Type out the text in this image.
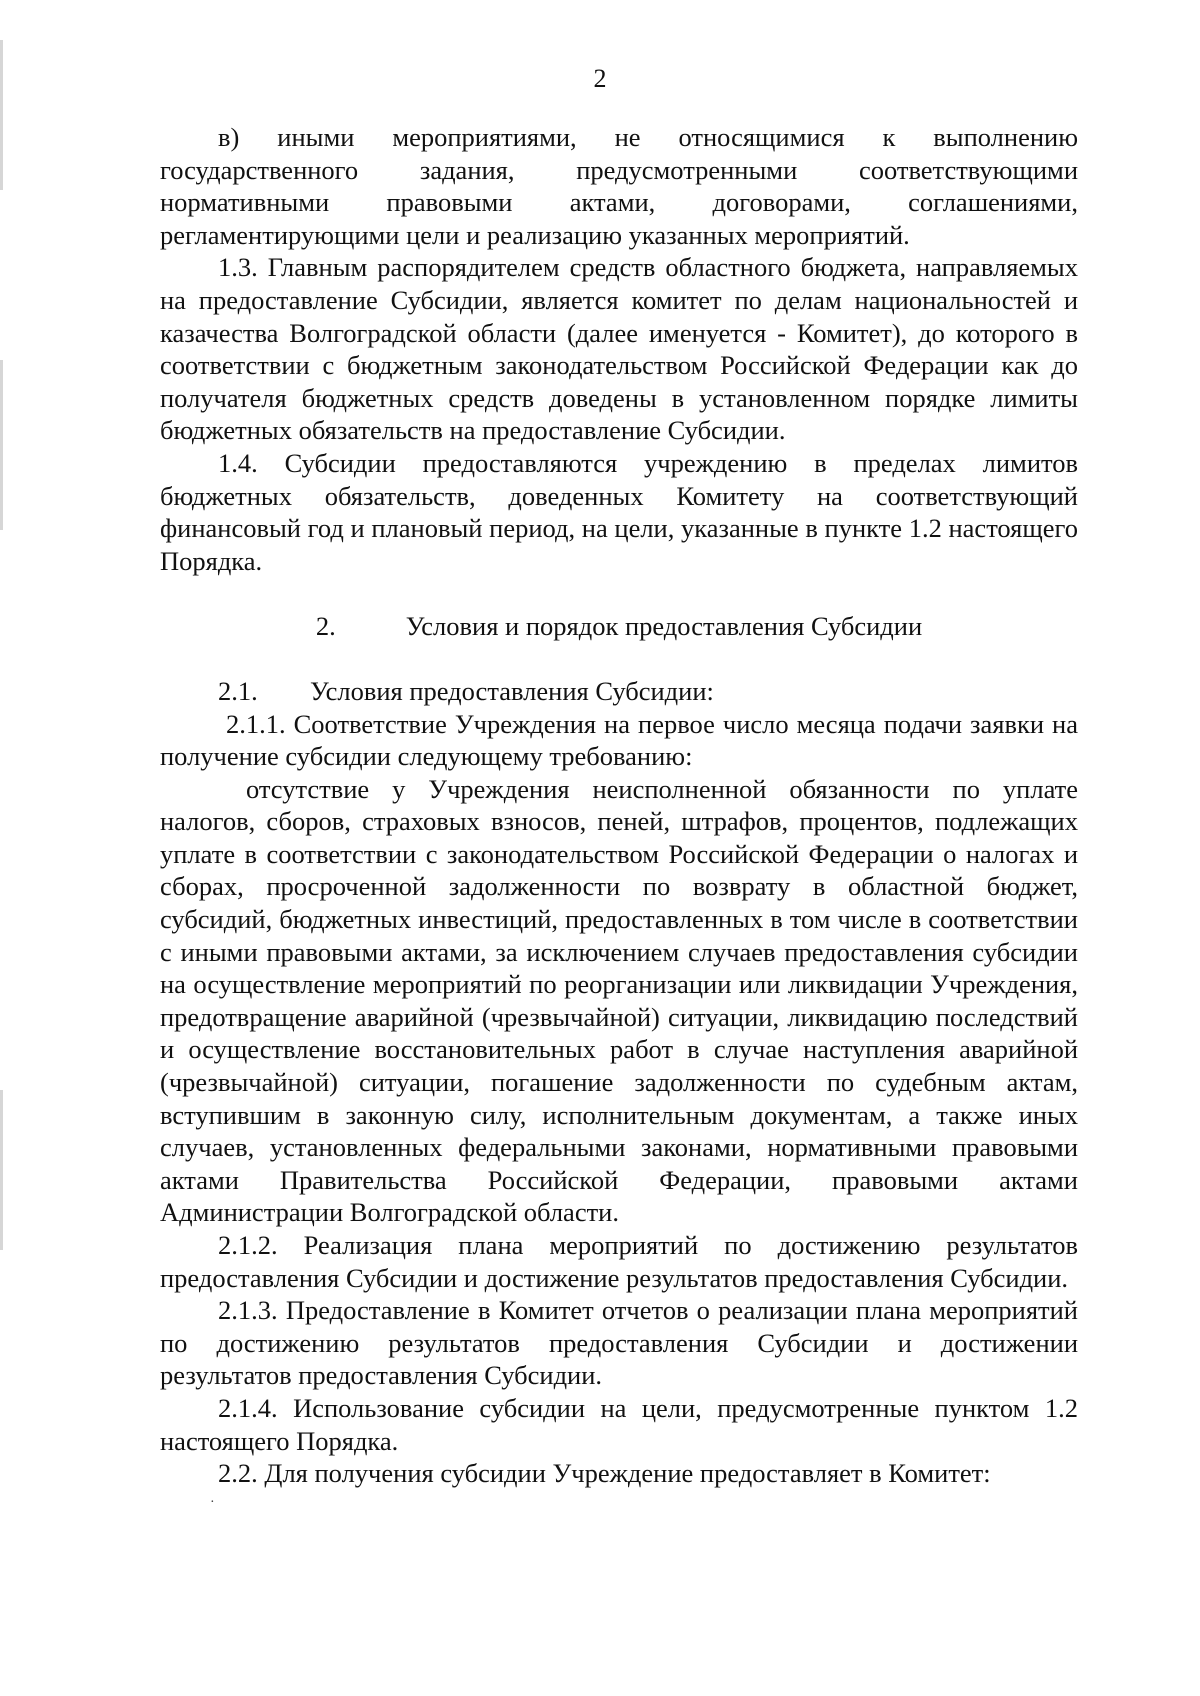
2

в) иными мероприятиями, не относящимися к выполнению государственного задания, предусмотренными соответствующими нормативными правовыми актами, договорами, соглашениями, регламентирующими цели и реализацию указанных мероприятий.

1.3. Главным распорядителем средств областного бюджета, направляемых на предоставление Субсидии, является комитет по делам национальностей и казачества Волгоградской области (далее именуется - Комитет), до которого в соответствии с бюджетным законодательством Российской Федерации как до получателя бюджетных средств доведены в установленном порядке лимиты бюджетных обязательств на предоставление Субсидии.

1.4. Субсидии предоставляются учреждению в пределах лимитов бюджетных обязательств, доведенных Комитету на соответствующий финансовый год и плановый период, на цели, указанные в пункте 1.2 настоящего Порядка.

2.	Условия и порядок предоставления Субсидии

2.1. Условия предоставления Субсидии:

2.1.1. Соответствие Учреждения на первое число месяца подачи заявки на получение субсидии следующему требованию:

отсутствие у Учреждения неисполненной обязанности по уплате налогов, сборов, страховых взносов, пеней, штрафов, процентов, подлежащих уплате в соответствии с законодательством Российской Федерации о налогах и сборах, просроченной задолженности по возврату в областной бюджет, субсидий, бюджетных инвестиций, предоставленных в том числе в соответствии с иными правовыми актами, за исключением случаев предоставления субсидии на осуществление мероприятий по реорганизации или ликвидации Учреждения, предотвращение аварийной (чрезвычайной) ситуации, ликвидацию последствий и осуществление восстановительных работ в случае наступления аварийной (чрезвычайной) ситуации, погашение задолженности по судебным актам, вступившим в законную силу, исполнительным документам, а также иных случаев, установленных федеральными законами, нормативными правовыми актами Правительства Российской Федерации, правовыми актами Администрации Волгоградской области.

2.1.2. Реализация плана мероприятий по достижению результатов предоставления Субсидии и достижение результатов предоставления Субсидии.

2.1.3. Предоставление в Комитет отчетов о реализации плана мероприятий по достижению результатов предоставления Субсидии и достижении результатов предоставления Субсидии.

2.1.4. Использование субсидии на цели, предусмотренные пунктом 1.2 настоящего Порядка.

2.2. Для получения субсидии Учреждение предоставляет в Комитет:

·
